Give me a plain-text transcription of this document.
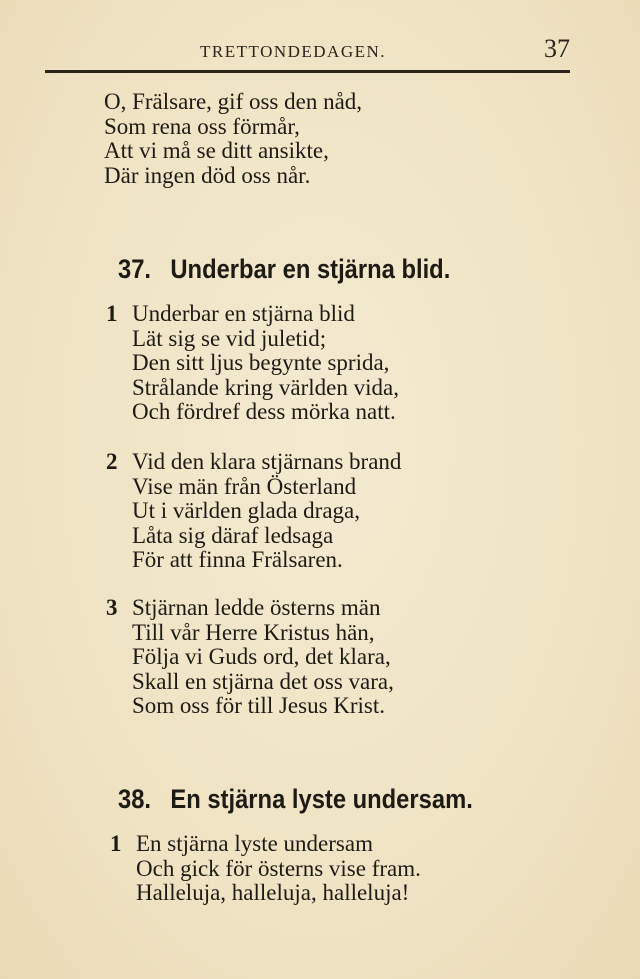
TRETTONDEDAGEN.	37
O, Frälsare, gif oss den nåd,
Som rena oss förmår,
Att vi må se ditt ansikte,
Där ingen död oss når.
37. Underbar en stjärna blid.
1 Underbar en stjärna blid
Lät sig se vid juletid;
Den sitt ljus begynte sprida,
Strålande kring världen vida,
Och fördref dess mörka natt.
2 Vid den klara stjärnans brand
Vise män från Österland
Ut i världen glada draga,
Låta sig däraf ledsaga
För att finna Frälsaren.
3 Stjärnan ledde österns män
Till vår Herre Kristus hän,
Följa vi Guds ord, det klara,
Skall en stjärna det oss vara,
Som oss för till Jesus Krist.
38. En stjärna lyste undersam.
1 En stjärna lyste undersam
Och gick för österns vise fram.
Halleluja, halleluja, halleluja!
